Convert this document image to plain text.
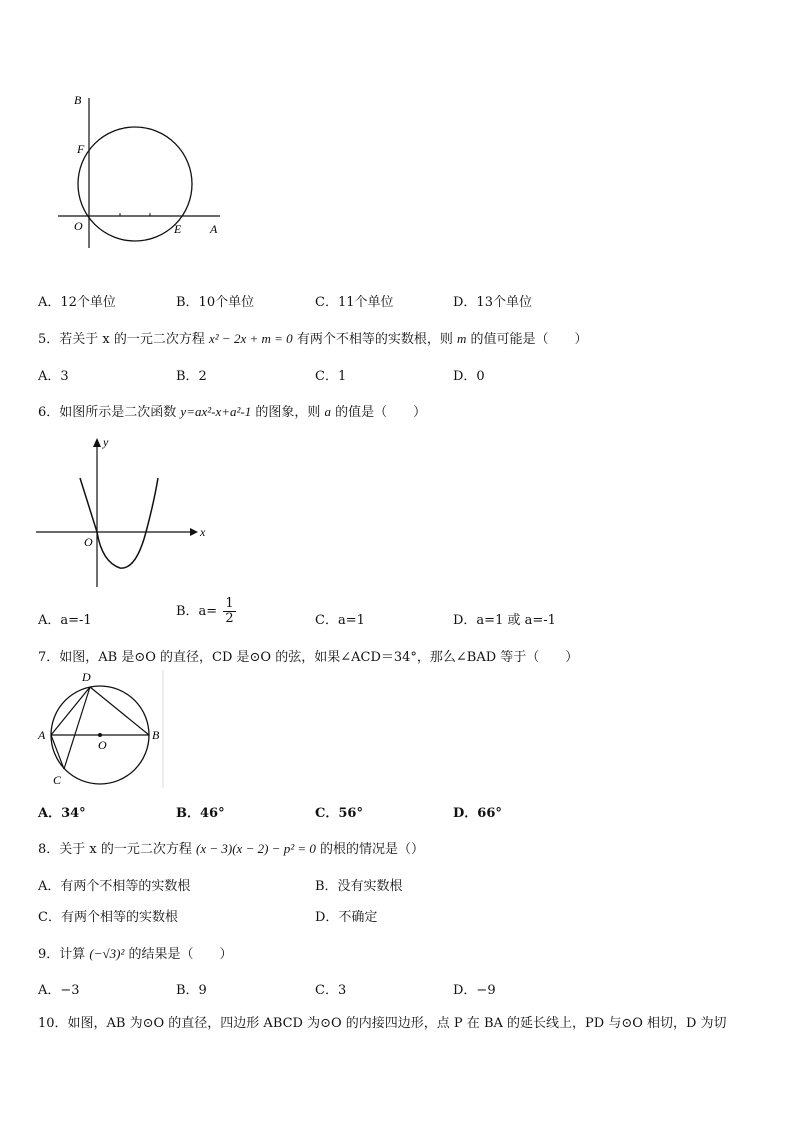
B
F
O	E A
A．12个单位	B．10个单位	C．11个单位	D．13个单位
5．若关于 x 的一元二次方程 x² − 2x + m = 0 有两个不相等的实数根，则 m 的值可能是（　　）
A．3	B．2	C．1	D．0
6．如图所示是二次函数 y=ax²-x+a²-1 的图象，则 a 的值是（　　）
y
x
O
A．a=-1
B．$a= \frac{1}{2}$	C．a=1	D．a=1 或 a=-1
7．如图，AB 是⊙O 的直径，CD 是⊙O 的弦，如果∠ACD＝34°，那么∠BAD 等于（　　）
D
A
O
B
C
A．34°	B．46°	C．56°	D．66°
8．关于 x 的一元二次方程 (x − 3)(x − 2) − p² = 0 的根的情况是（）
A．有两个不相等的实数根	B．没有实数根
C．有两个相等的实数根	D．不确定
9．计算 (−√3)² 的结果是（　　）
A．−3	B．9	C．3	D．−9
10．如图，AB 为⊙O 的直径，四边形 ABCD 为⊙O 的内接四边形，点 P 在 BA 的延长线上，PD 与⊙O 相切，D 为切
